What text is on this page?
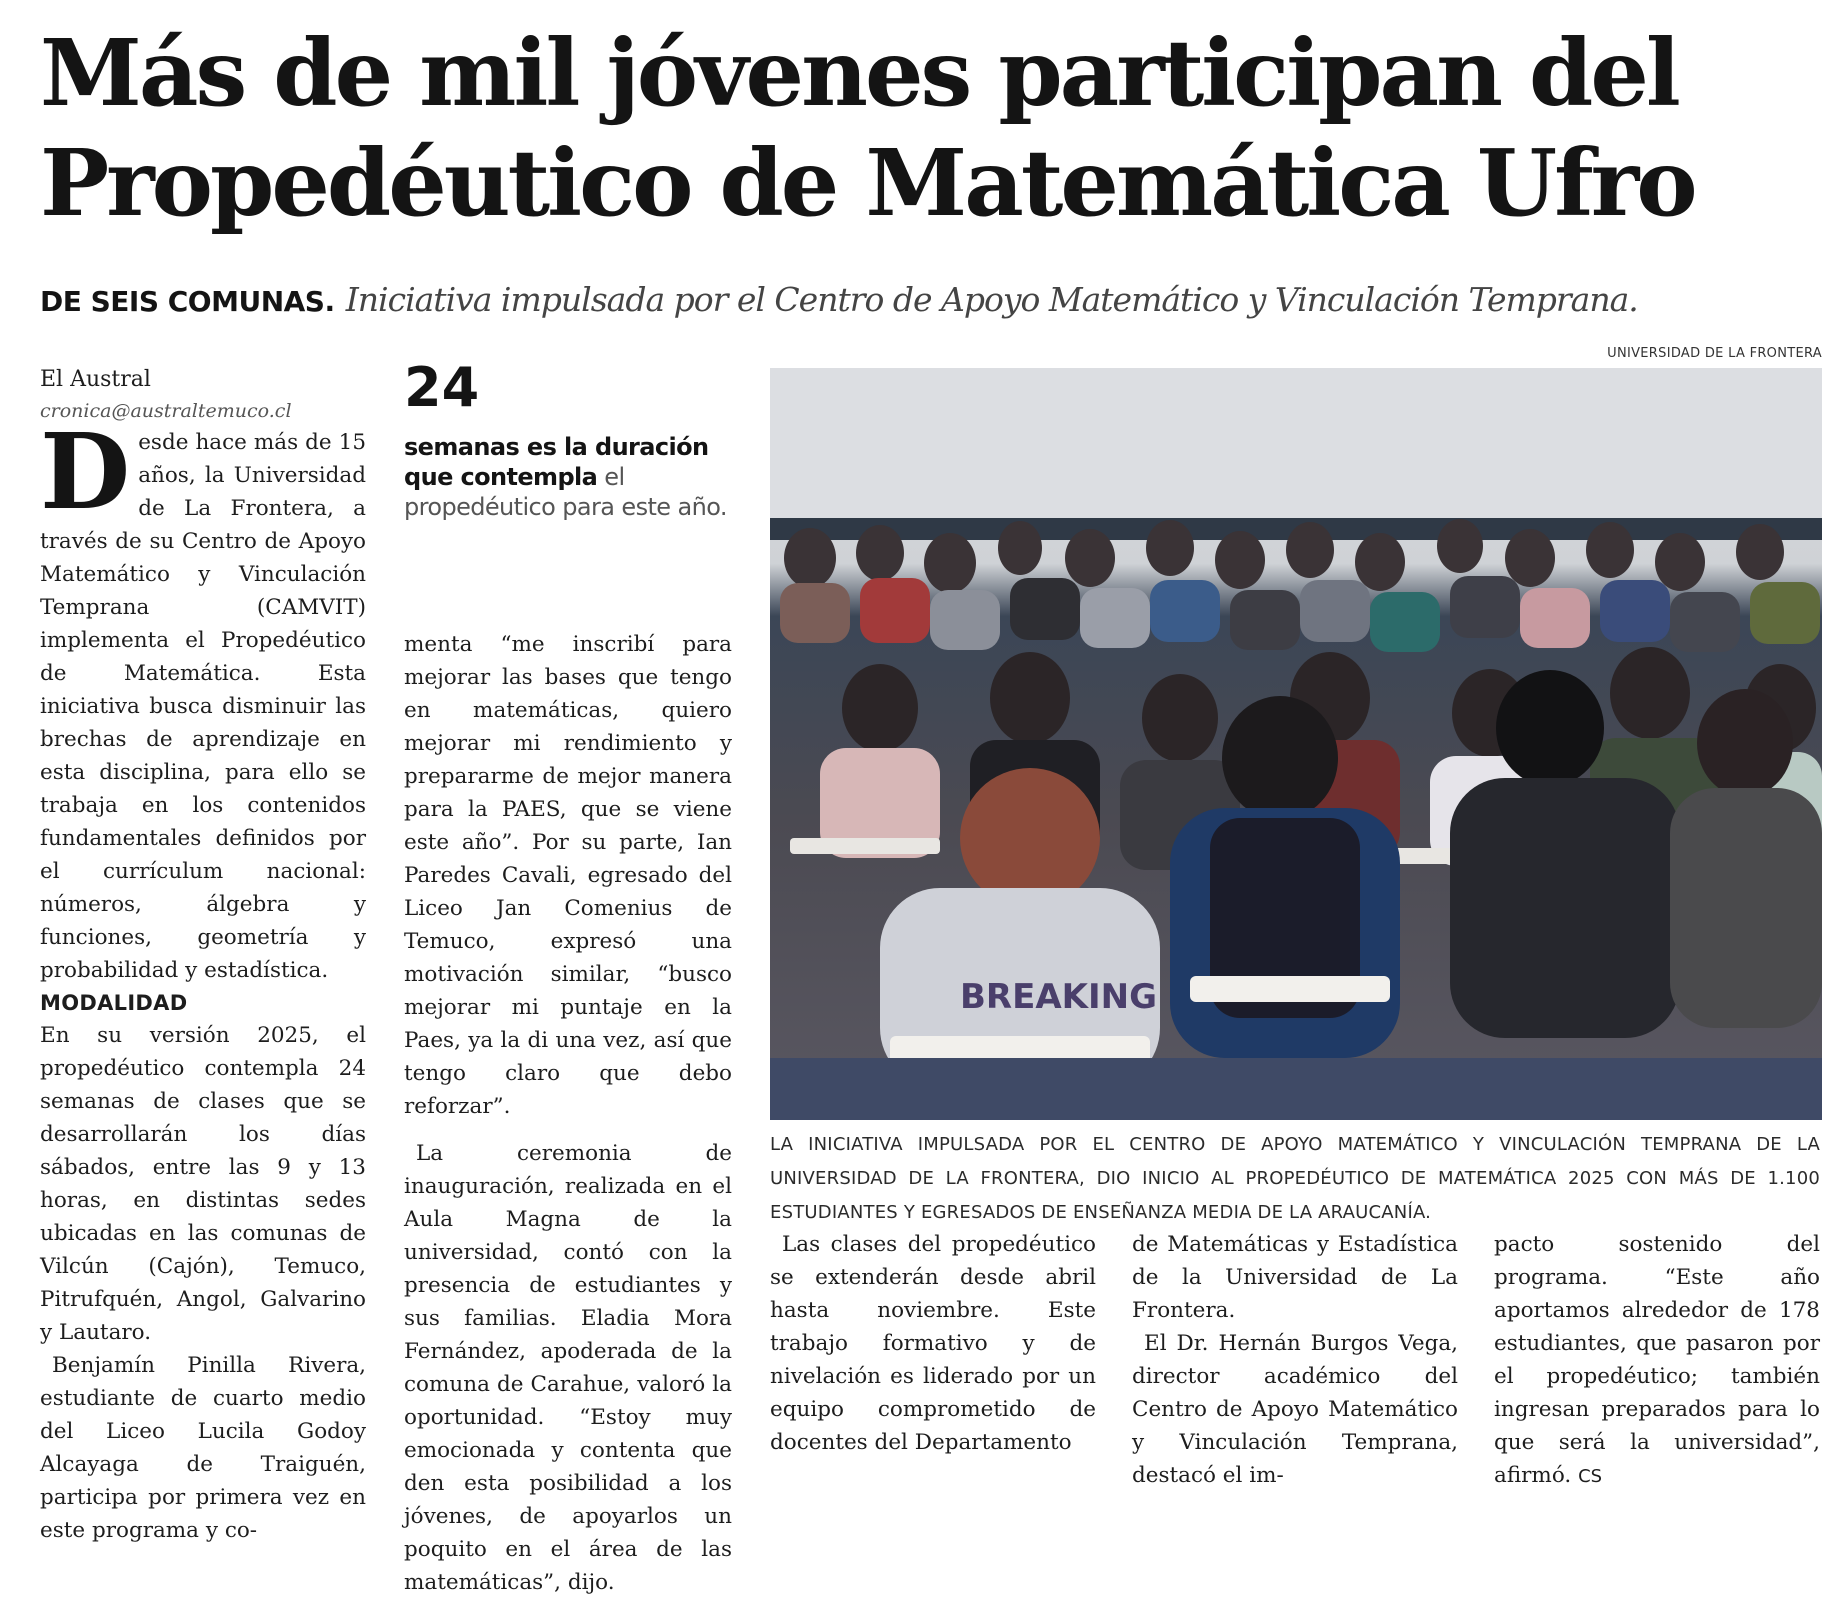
Más de mil jóvenes participan del Propedéutico de Matemática Ufro
DE SEIS COMUNAS. Iniciativa impulsada por el Centro de Apoyo Matemático y Vinculación Temprana.

El Austral

cronica@australtemuco.cl

D esde hace más de 15 años, la Universidad de La Frontera, a través de su Centro de Apoyo Matemático y Vinculación Temprana (CAMVIT) implementa el Propedéutico de Matemática. Esta iniciativa busca disminuir las brechas de aprendizaje en esta disciplina, para ello se trabaja en los contenidos fundamentales definidos por el currículum nacional: números, álgebra y funciones, geometría y probabilidad y estadística.

MODALIDAD

En su versión 2025, el propedéutico contempla 24 semanas de clases que se desarrollarán los días sábados, entre las 9 y 13 horas, en distintas sedes ubicadas en las comunas de Vilcún (Cajón), Temuco, Pitrufquén, Angol, Galvarino y Lautaro.

Benjamín Pinilla Rivera, estudiante de cuarto medio del Liceo Lucila Godoy Alcayaga de Traiguén, participa por primera vez en este programa y co-

24
semanas es la duración que contempla el propedéutico para este año.

menta “me inscribí para mejorar las bases que tengo en matemáticas, quiero mejorar mi rendimiento y prepararme de mejor manera para la PAES, que se viene este año”. Por su parte, Ian Paredes Cavali, egresado del Liceo Jan Comenius de Temuco, expresó una motivación similar, “busco mejorar mi puntaje en la Paes, ya la di una vez, así que tengo claro que debo reforzar”.

La ceremonia de inauguración, realizada en el Aula Magna de la universidad, contó con la presencia de estudiantes y sus familias. Eladia Mora Fernández, apoderada de la comuna de Carahue, valoró la oportunidad. “Estoy muy emocionada y contenta que den esta posibilidad a los jóvenes, de apoyarlos un poquito en el área de las matemáticas”, dijo.

UNIVERSIDAD DE LA FRONTERA
BREAKING
LA INICIATIVA IMPULSADA POR EL CENTRO DE APOYO MATEMÁTICO Y VINCULACIÓN TEMPRANA DE LA UNIVERSIDAD DE LA FRONTERA, DIO INICIO AL PROPEDÉUTICO DE MATEMÁTICA 2025 CON MÁS DE 1.100 ESTUDIANTES Y EGRESADOS DE ENSEÑANZA MEDIA DE LA ARAUCANÍA.

Las clases del propedéutico se extenderán desde abril hasta noviembre. Este trabajo formativo y de nivelación es liderado por un equipo comprometido de docentes del Departamento

de Matemáticas y Estadística de la Universidad de La Frontera.

El Dr. Hernán Burgos Vega, director académico del Centro de Apoyo Matemático y Vinculación Temprana, destacó el im-

pacto sostenido del programa. “Este año aportamos alrededor de 178 estudiantes, que pasaron por el propedéutico; también ingresan preparados para lo que será la universidad”, afirmó. CS
